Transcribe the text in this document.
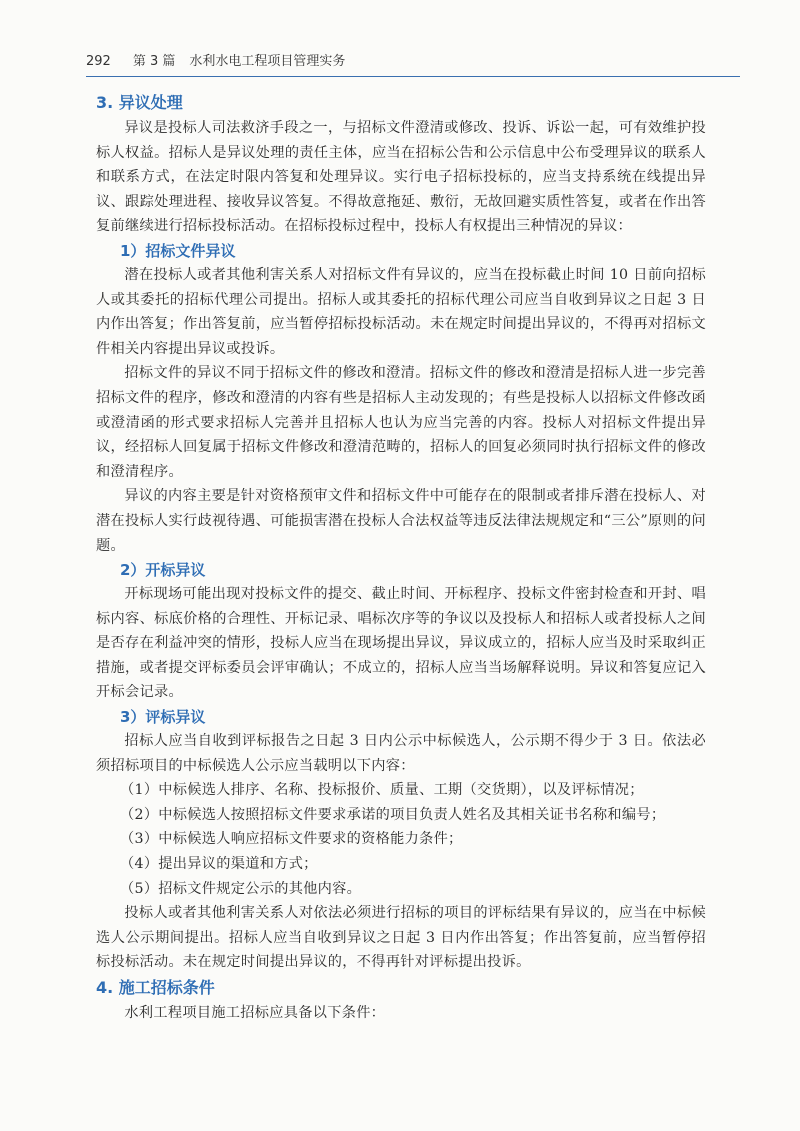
292 第 3 篇 水利水电工程项目管理实务
3. 异议处理

异议是投标人司法救济手段之一，与招标文件澄清或修改、投诉、诉讼一起，可有效维护投标人权益。招标人是异议处理的责任主体，应当在招标公告和公示信息中公布受理异议的联系人和联系方式，在法定时限内答复和处理异议。实行电子招标投标的，应当支持系统在线提出异议、跟踪处理进程、接收异议答复。不得故意拖延、敷衍，无故回避实质性答复，或者在作出答复前继续进行招标投标活动。在招标投标过程中，投标人有权提出三种情况的异议：

1）招标文件异议

潜在投标人或者其他利害关系人对招标文件有异议的，应当在投标截止时间 10 日前向招标人或其委托的招标代理公司提出。招标人或其委托的招标代理公司应当自收到异议之日起 3 日内作出答复；作出答复前，应当暂停招标投标活动。未在规定时间提出异议的，不得再对招标文件相关内容提出异议或投诉。

招标文件的异议不同于招标文件的修改和澄清。招标文件的修改和澄清是招标人进一步完善招标文件的程序，修改和澄清的内容有些是招标人主动发现的；有些是投标人以招标文件修改函或澄清函的形式要求招标人完善并且招标人也认为应当完善的内容。投标人对招标文件提出异议，经招标人回复属于招标文件修改和澄清范畴的，招标人的回复必须同时执行招标文件的修改和澄清程序。

异议的内容主要是针对资格预审文件和招标文件中可能存在的限制或者排斥潜在投标人、对潜在投标人实行歧视待遇、可能损害潜在投标人合法权益等违反法律法规规定和“三公”原则的问题。

2）开标异议

开标现场可能出现对投标文件的提交、截止时间、开标程序、投标文件密封检查和开封、唱标内容、标底价格的合理性、开标记录、唱标次序等的争议以及投标人和招标人或者投标人之间是否存在利益冲突的情形，投标人应当在现场提出异议，异议成立的，招标人应当及时采取纠正措施，或者提交评标委员会评审确认；不成立的，招标人应当当场解释说明。异议和答复应记入开标会记录。

3）评标异议

招标人应当自收到评标报告之日起 3 日内公示中标候选人，公示期不得少于 3 日。依法必须招标项目的中标候选人公示应当载明以下内容：

（1）中标候选人排序、名称、投标报价、质量、工期（交货期），以及评标情况；
（2）中标候选人按照招标文件要求承诺的项目负责人姓名及其相关证书名称和编号；
（3）中标候选人响应招标文件要求的资格能力条件；
（4）提出异议的渠道和方式；
（5）招标文件规定公示的其他内容。

投标人或者其他利害关系人对依法必须进行招标的项目的评标结果有异议的，应当在中标候选人公示期间提出。招标人应当自收到异议之日起 3 日内作出答复；作出答复前，应当暂停招标投标活动。未在规定时间提出异议的，不得再针对评标提出投诉。

4. 施工招标条件

水利工程项目施工招标应具备以下条件：
